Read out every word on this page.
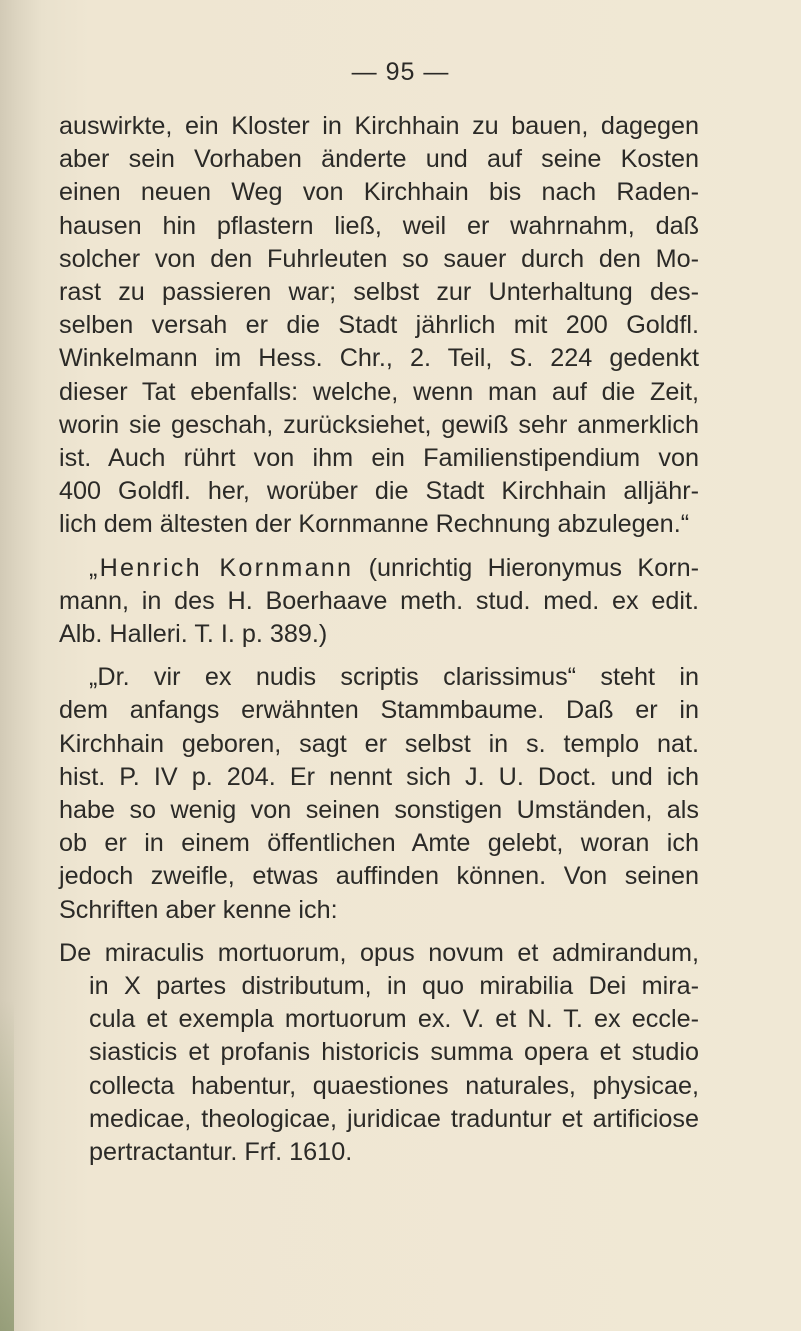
— 95 —
auswirkte, ein Kloster in Kirchhain zu bauen, dagegen
aber sein Vorhaben änderte und auf seine Kosten
einen neuen Weg von Kirchhain bis nach Raden-
hausen hin pflastern ließ, weil er wahrnahm, daß
solcher von den Fuhrleuten so sauer durch den Mo-
rast zu passieren war; selbst zur Unterhaltung des-
selben versah er die Stadt jährlich mit 200 Goldfl.
Winkelmann im Hess. Chr., 2. Teil, S. 224 gedenkt
dieser Tat ebenfalls: welche, wenn man auf die Zeit,
worin sie geschah, zurücksiehet, gewiß sehr anmerklich
ist. Auch rührt von ihm ein Familienstipendium von
400 Goldfl. her, worüber die Stadt Kirchhain alljähr-
lich dem ältesten der Kornmanne Rechnung abzulegen.“
„Henrich Kornmann (unrichtig Hieronymus Korn-
mann, in des H. Boerhaave meth. stud. med. ex edit.
Alb. Halleri. T. I. p. 389.)
„Dr. vir ex nudis scriptis clarissimus“ steht in
dem anfangs erwähnten Stammbaume. Daß er in
Kirchhain geboren, sagt er selbst in s. templo nat.
hist. P. IV p. 204. Er nennt sich J. U. Doct. und ich
habe so wenig von seinen sonstigen Umständen, als
ob er in einem öffentlichen Amte gelebt, woran ich
jedoch zweifle, etwas auffinden können. Von seinen
Schriften aber kenne ich:
De miraculis mortuorum, opus novum et admirandum,
in X partes distributum, in quo mirabilia Dei mira-
cula et exempla mortuorum ex. V. et N. T. ex eccle-
siasticis et profanis historicis summa opera et studio
collecta habentur, quaestiones naturales, physicae,
medicae, theologicae, juridicae traduntur et artificiose
pertractantur. Frf. 1610.
